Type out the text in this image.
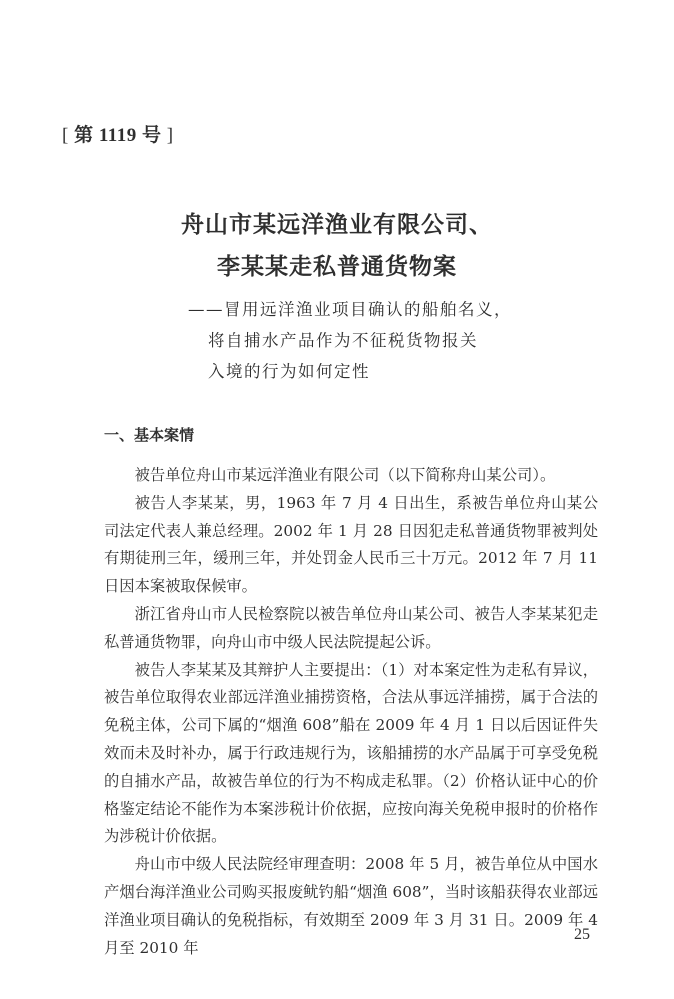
[ 第 1119 号 ]
舟山市某远洋渔业有限公司、
李某某走私普通货物案
——冒用远洋渔业项目确认的船舶名义，
将自捕水产品作为不征税货物报关
入境的行为如何定性
一、基本案情

被告单位舟山市某远洋渔业有限公司（以下简称舟山某公司）。

被告人李某某，男，1963 年 7 月 4 日出生，系被告单位舟山某公司法定代表人兼总经理。2002 年 1 月 28 日因犯走私普通货物罪被判处有期徒刑三年，缓刑三年，并处罚金人民币三十万元。2012 年 7 月 11 日因本案被取保候审。

浙江省舟山市人民检察院以被告单位舟山某公司、被告人李某某犯走私普通货物罪，向舟山市中级人民法院提起公诉。

被告人李某某及其辩护人主要提出：（1）对本案定性为走私有异议，被告单位取得农业部远洋渔业捕捞资格，合法从事远洋捕捞，属于合法的免税主体，公司下属的“烟渔 608”船在 2009 年 4 月 1 日以后因证件失效而未及时补办，属于行政违规行为，该船捕捞的水产品属于可享受免税的自捕水产品，故被告单位的行为不构成走私罪。（2）价格认证中心的价格鉴定结论不能作为本案涉税计价依据，应按向海关免税申报时的价格作为涉税计价依据。

舟山市中级人民法院经审理查明：2008 年 5 月，被告单位从中国水产烟台海洋渔业公司购买报废鱿钓船“烟渔 608”，当时该船获得农业部远洋渔业项目确认的免税指标，有效期至 2009 年 3 月 31 日。2009 年 4 月至 2010 年

25
